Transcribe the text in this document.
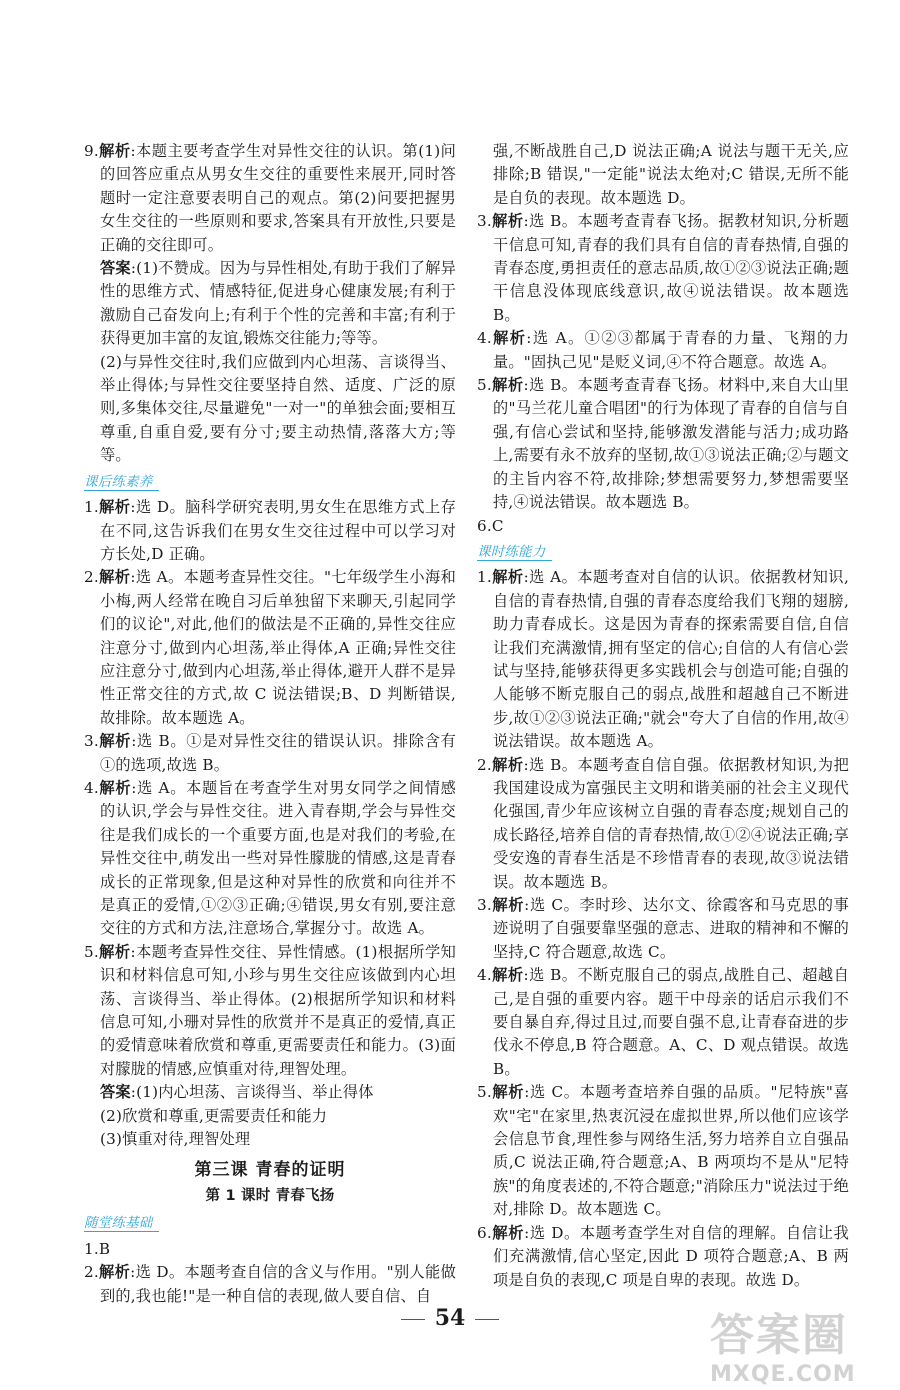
9.解析:本题主要考查学生对异性交往的认识。第(1)问的回答应重点从男女生交往的重要性来展开,同时答题时一定注意要表明自己的观点。第(2)问要把握男女生交往的一些原则和要求,答案具有开放性,只要是正确的交往即可。
答案:(1)不赞成。因为与异性相处,有助于我们了解异性的思维方式、情感特征,促进身心健康发展;有利于激励自己奋发向上;有利于个性的完善和丰富;有利于获得更加丰富的友谊,锻炼交往能力;等等。
(2)与异性交往时,我们应做到内心坦荡、言谈得当、举止得体;与异性交往要坚持自然、适度、广泛的原则,多集体交往,尽量避免"一对一"的单独会面;要相互尊重,自重自爱,要有分寸;要主动热情,落落大方;等等。
课后练素养
1.解析:选 D。脑科学研究表明,男女生在思维方式上存在不同,这告诉我们在男女生交往过程中可以学习对方长处,D 正确。
2.解析:选 A。本题考查异性交往。"七年级学生小海和小梅,两人经常在晚自习后单独留下来聊天,引起同学们的议论",对此,他们的做法是不正确的,异性交往应注意分寸,做到内心坦荡,举止得体,A 正确;异性交往应注意分寸,做到内心坦荡,举止得体,避开人群不是异性正常交往的方式,故 C 说法错误;B、D 判断错误,故排除。故本题选 A。
3.解析:选 B。①是对异性交往的错误认识。排除含有①的选项,故选 B。
4.解析:选 A。本题旨在考查学生对男女同学之间情感的认识,学会与异性交往。进入青春期,学会与异性交往是我们成长的一个重要方面,也是对我们的考验,在异性交往中,萌发出一些对异性朦胧的情感,这是青春成长的正常现象,但是这种对异性的欣赏和向往并不是真正的爱情,①②③正确;④错误,男女有别,要注意交往的方式和方法,注意场合,掌握分寸。故选 A。
5.解析:本题考查异性交往、异性情感。(1)根据所学知识和材料信息可知,小珍与男生交往应该做到内心坦荡、言谈得当、举止得体。(2)根据所学知识和材料信息可知,小珊对异性的欣赏并不是真正的爱情,真正的爱情意味着欣赏和尊重,更需要责任和能力。(3)面对朦胧的情感,应慎重对待,理智处理。
答案:(1)内心坦荡、言谈得当、举止得体
(2)欣赏和尊重,更需要责任和能力
(3)慎重对待,理智处理
第三课 青春的证明
第 1 课时 青春飞扬
随堂练基础
1.B
2.解析:选 D。本题考查自信的含义与作用。"别人能做到的,我也能!"是一种自信的表现,做人要自信、自
强,不断战胜自己,D 说法正确;A 说法与题干无关,应排除;B 错误,"一定能"说法太绝对;C 错误,无所不能是自负的表现。故本题选 D。
3.解析:选 B。本题考查青春飞扬。据教材知识,分析题干信息可知,青春的我们具有自信的青春热情,自强的青春态度,勇担责任的意志品质,故①②③说法正确;题干信息没体现底线意识,故④说法错误。故本题选 B。
4.解析:选 A。①②③都属于青春的力量、飞翔的力量。"固执己见"是贬义词,④不符合题意。故选 A。
5.解析:选 B。本题考查青春飞扬。材料中,来自大山里的"马兰花儿童合唱团"的行为体现了青春的自信与自强,有信心尝试和坚持,能够激发潜能与活力;成功路上,需要有永不放弃的坚韧,故①③说法正确;②与题文的主旨内容不符,故排除;梦想需要努力,梦想需要坚持,④说法错误。故本题选 B。
6.C
课时练能力
1.解析:选 A。本题考查对自信的认识。依据教材知识,自信的青春热情,自强的青春态度给我们飞翔的翅膀,助力青春成长。这是因为青春的探索需要自信,自信让我们充满激情,拥有坚定的信心;自信的人有信心尝试与坚持,能够获得更多实践机会与创造可能;自强的人能够不断克服自己的弱点,战胜和超越自己不断进步,故①②③说法正确;"就会"夸大了自信的作用,故④说法错误。故本题选 A。
2.解析:选 B。本题考查自信自强。依据教材知识,为把我国建设成为富强民主文明和谐美丽的社会主义现代化强国,青少年应该树立自强的青春态度;规划自己的成长路径,培养自信的青春热情,故①②④说法正确;享受安逸的青春生活是不珍惜青春的表现,故③说法错误。故本题选 B。
3.解析:选 C。李时珍、达尔文、徐霞客和马克思的事迹说明了自强要靠坚强的意志、进取的精神和不懈的坚持,C 符合题意,故选 C。
4.解析:选 B。不断克服自己的弱点,战胜自己、超越自己,是自强的重要内容。题干中母亲的话启示我们不要自暴自弃,得过且过,而要自强不息,让青春奋进的步伐永不停息,B 符合题意。A、C、D 观点错误。故选 B。
5.解析:选 C。本题考查培养自强的品质。"尼特族"喜欢"宅"在家里,热衷沉浸在虚拟世界,所以他们应该学会信息节食,理性参与网络生活,努力培养自立自强品质,C 说法正确,符合题意;A、B 两项均不是从"尼特族"的角度表述的,不符合题意;"消除压力"说法过于绝对,排除 D。故本题选 C。
6.解析:选 D。本题考查学生对自信的理解。自信让我们充满激情,信心坚定,因此 D 项符合题意;A、B 两项是自负的表现,C 项是自卑的表现。故选 D。
54	答案圈
MXQE.COM
